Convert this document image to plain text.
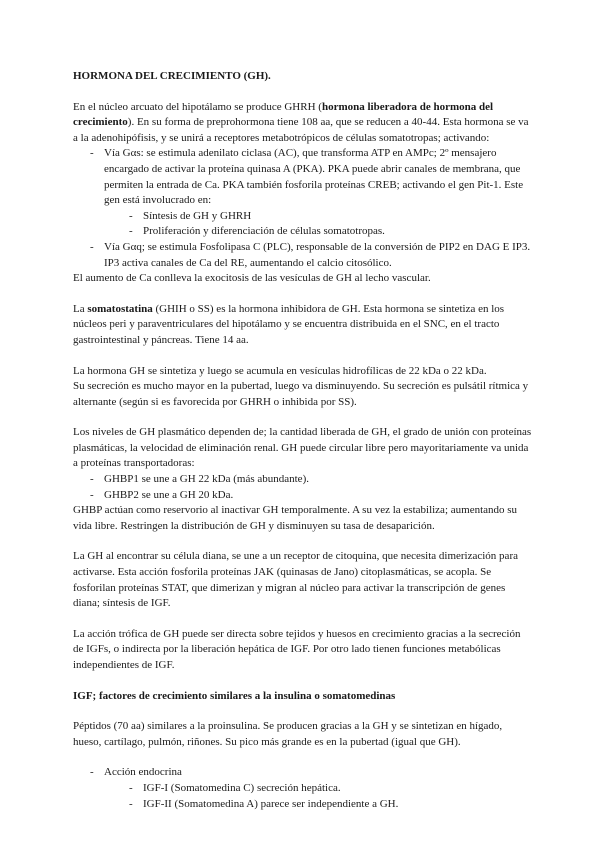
HORMONA DEL CRECIMIENTO (GH).

En el núcleo arcuato del hipotálamo se produce GHRH (hormona liberadora de hormona del crecimiento). En su forma de preprohormona tiene 108 aa, que se reducen a 40-44. Esta hormona se va a la adenohipófisis, y se unirá a receptores metabotrópicos de células somatotropas; activando:

- Vía Gαs: se estimula adenilato ciclasa (AC), que transforma ATP en AMPc; 2º mensajero encargado de activar la proteína quinasa A (PKA). PKA puede abrir canales de membrana, que permiten la entrada de Ca. PKA también fosforila proteínas CREB; activando el gen Pit-1. Este gen está involucrado en:
- Síntesis de GH y GHRH
- Proliferación y diferenciación de células somatotropas.
- Vía Gαq; se estimula Fosfolipasa C (PLC), responsable de la conversión de PIP2 en DAG E IP3. IP3 activa canales de Ca del RE, aumentando el calcio citosólico.

El aumento de Ca conlleva la exocitosis de las vesículas de GH al lecho vascular.

La somatostatina (GHIH o SS) es la hormona inhibidora de GH. Esta hormona se sintetiza en los núcleos peri y paraventriculares del hipotálamo y se encuentra distribuida en el SNC, en el tracto gastrointestinal y páncreas. Tiene 14 aa.

La hormona GH se sintetiza y luego se acumula en vesículas hidrofílicas de 22 kDa o 22 kDa.

Su secreción es mucho mayor en la pubertad, luego va disminuyendo. Su secreción es pulsátil rítmica y alternante (según si es favorecida por GHRH o inhibida por SS).

Los niveles de GH plasmático dependen de; la cantidad liberada de GH, el grado de unión con proteínas plasmáticas, la velocidad de eliminación renal. GH puede circular libre pero mayoritariamente va unida a proteínas transportadoras:

- GHBP1 se une a GH 22 kDa (más abundante).
- GHBP2 se une a GH 20 kDa.

GHBP actúan como reservorio al inactivar GH temporalmente. A su vez la estabiliza; aumentando su vida libre. Restringen la distribución de GH y disminuyen su tasa de desaparición.

La GH al encontrar su célula diana, se une a un receptor de citoquina, que necesita dimerización para activarse. Esta acción fosforila proteínas JAK (quinasas de Jano) citoplasmáticas, se acopla. Se fosforilan proteínas STAT, que dimerizan y migran al núcleo para activar la transcripción de genes diana; síntesis de IGF.

La acción trófica de GH puede ser directa sobre tejidos y huesos en crecimiento gracias a la secreción de IGFs, o indirecta por la liberación hepática de IGF. Por otro lado tienen funciones metabólicas independientes de IGF.

IGF; factores de crecimiento similares a la insulina o somatomedinas

Péptidos (70 aa) similares a la proinsulina. Se producen gracias a la GH y se sintetizan en hígado, hueso, cartílago, pulmón, riñones. Su pico más grande es en la pubertad (igual que GH).

- Acción endocrina
- IGF-I (Somatomedina C) secreción hepática.
- IGF-II (Somatomedina A) parece ser independiente a GH.
